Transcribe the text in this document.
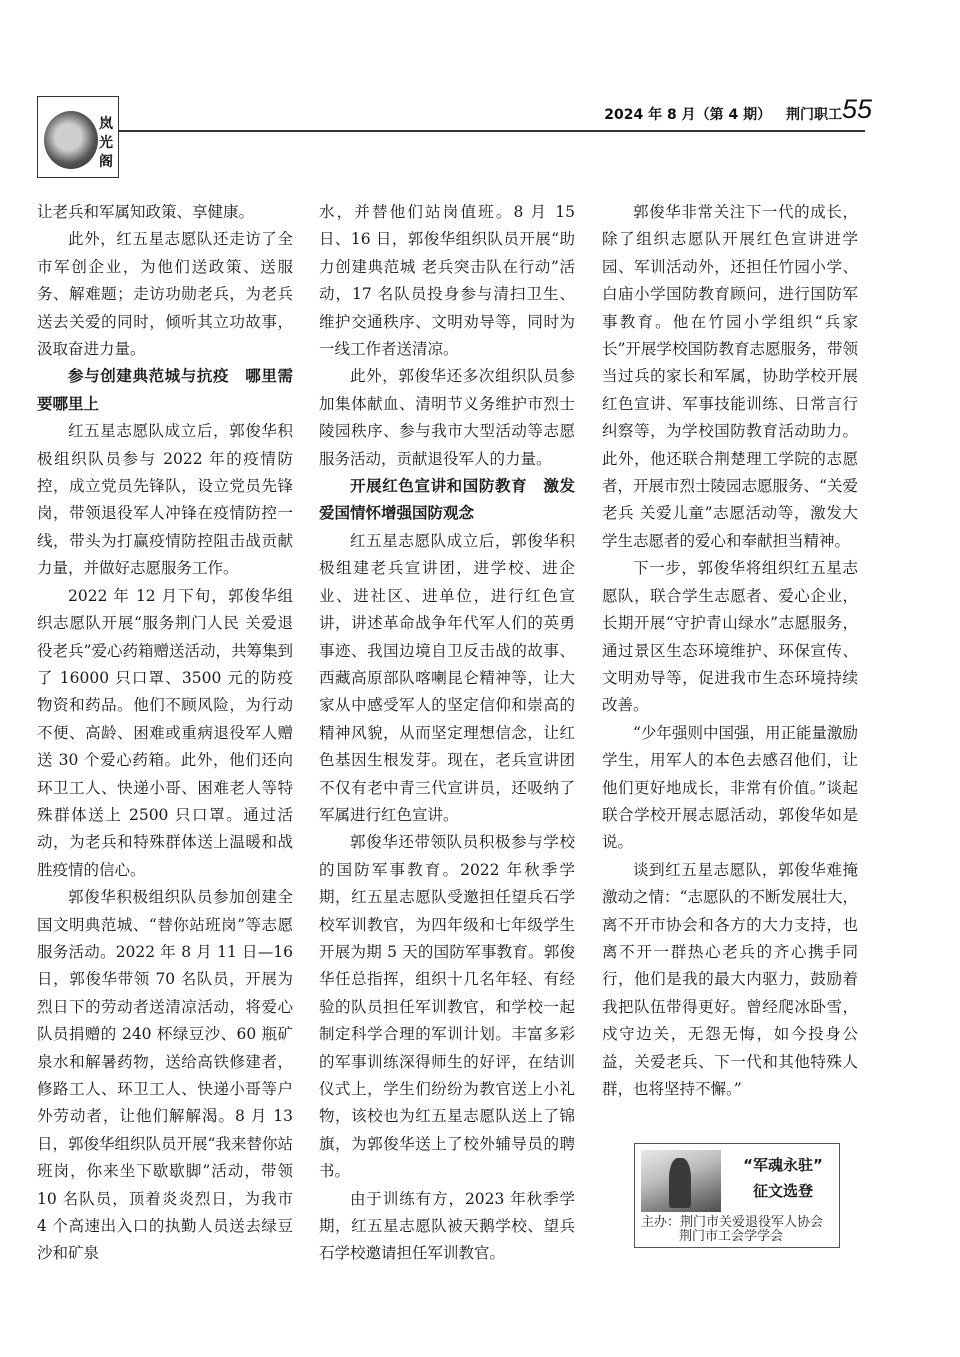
岚
光
阁
2024 年 8 月（第 4 期） 荆门职工 55

让老兵和军属知政策、享健康。

此外，红五星志愿队还走访了全市军创企业，为他们送政策、送服务、解难题；走访功勋老兵，为老兵送去关爱的同时，倾听其立功故事，汲取奋进力量。

参与创建典范城与抗疫　哪里需要哪里上

红五星志愿队成立后，郭俊华积极组织队员参与 2022 年的疫情防控，成立党员先锋队，设立党员先锋岗，带领退役军人冲锋在疫情防控一线，带头为打赢疫情防控阻击战贡献力量，并做好志愿服务工作。

2022 年 12 月下旬，郭俊华组织志愿队开展“服务荆门人民 关爱退役老兵”爱心药箱赠送活动，共筹集到了 16000 只口罩、3500 元的防疫物资和药品。他们不顾风险，为行动不便、高龄、困难或重病退役军人赠送 30 个爱心药箱。此外，他们还向环卫工人、快递小哥、困难老人等特殊群体送上 2500 只口罩。通过活动，为老兵和特殊群体送上温暖和战胜疫情的信心。

郭俊华积极组织队员参加创建全国文明典范城、“替你站班岗”等志愿服务活动。2022 年 8 月 11 日—16 日，郭俊华带领 70 名队员，开展为烈日下的劳动者送清凉活动，将爱心队员捐赠的 240 杯绿豆沙、60 瓶矿泉水和解暑药物，送给高铁修建者，修路工人、环卫工人、快递小哥等户外劳动者，让他们解解渴。8 月 13 日，郭俊华组织队员开展“我来替你站班岗，你来坐下歇歇脚”活动，带领 10 名队员，顶着炎炎烈日，为我市 4 个高速出入口的执勤人员送去绿豆沙和矿泉

水，并替他们站岗值班。8 月 15 日、16 日，郭俊华组织队员开展“助力创建典范城 老兵突击队在行动”活动，17 名队员投身参与清扫卫生、维护交通秩序、文明劝导等，同时为一线工作者送清凉。

此外，郭俊华还多次组织队员参加集体献血、清明节义务维护市烈士陵园秩序、参与我市大型活动等志愿服务活动，贡献退役军人的力量。

开展红色宣讲和国防教育　激发爱国情怀增强国防观念

红五星志愿队成立后，郭俊华积极组建老兵宣讲团，进学校、进企业、进社区、进单位，进行红色宣讲，讲述革命战争年代军人们的英勇事迹、我国边境自卫反击战的故事、西藏高原部队喀喇昆仑精神等，让大家从中感受军人的坚定信仰和崇高的精神风貌，从而坚定理想信念，让红色基因生根发芽。现在，老兵宣讲团不仅有老中青三代宣讲员，还吸纳了军属进行红色宣讲。

郭俊华还带领队员积极参与学校的国防军事教育。2022 年秋季学期，红五星志愿队受邀担任望兵石学校军训教官，为四年级和七年级学生开展为期 5 天的国防军事教育。郭俊华任总指挥，组织十几名年轻、有经验的队员担任军训教官，和学校一起制定科学合理的军训计划。丰富多彩的军事训练深得师生的好评，在结训仪式上，学生们纷纷为教官送上小礼物，该校也为红五星志愿队送上了锦旗，为郭俊华送上了校外辅导员的聘书。

由于训练有方，2023 年秋季学期，红五星志愿队被天鹅学校、望兵石学校邀请担任军训教官。

郭俊华非常关注下一代的成长，除了组织志愿队开展红色宣讲进学园、军训活动外，还担任竹园小学、白庙小学国防教育顾问，进行国防军事教育。他在竹园小学组织“兵家长”开展学校国防教育志愿服务，带领当过兵的家长和军属，协助学校开展红色宣讲、军事技能训练、日常言行纠察等，为学校国防教育活动助力。此外，他还联合荆楚理工学院的志愿者，开展市烈士陵园志愿服务、“关爱老兵 关爱儿童”志愿活动等，激发大学生志愿者的爱心和奉献担当精神。

下一步，郭俊华将组织红五星志愿队，联合学生志愿者、爱心企业，长期开展“守护青山绿水”志愿服务，通过景区生态环境维护、环保宣传、文明劝导等，促进我市生态环境持续改善。

“少年强则中国强，用正能量激励学生，用军人的本色去感召他们，让他们更好地成长，非常有价值。”谈起联合学校开展志愿活动，郭俊华如是说。

谈到红五星志愿队，郭俊华难掩激动之情：“志愿队的不断发展壮大，离不开市协会和各方的大力支持，也离不开一群热心老兵的齐心携手同行，他们是我的最大内驱力，鼓励着我把队伍带得更好。曾经爬冰卧雪，戍守边关，无怨无悔，如今投身公益，关爱老兵、下一代和其他特殊人群，也将坚持不懈。”

“军魂永驻”
征文选登
主办：荆门市关爱退役军人协会
荆门市工会学学会
